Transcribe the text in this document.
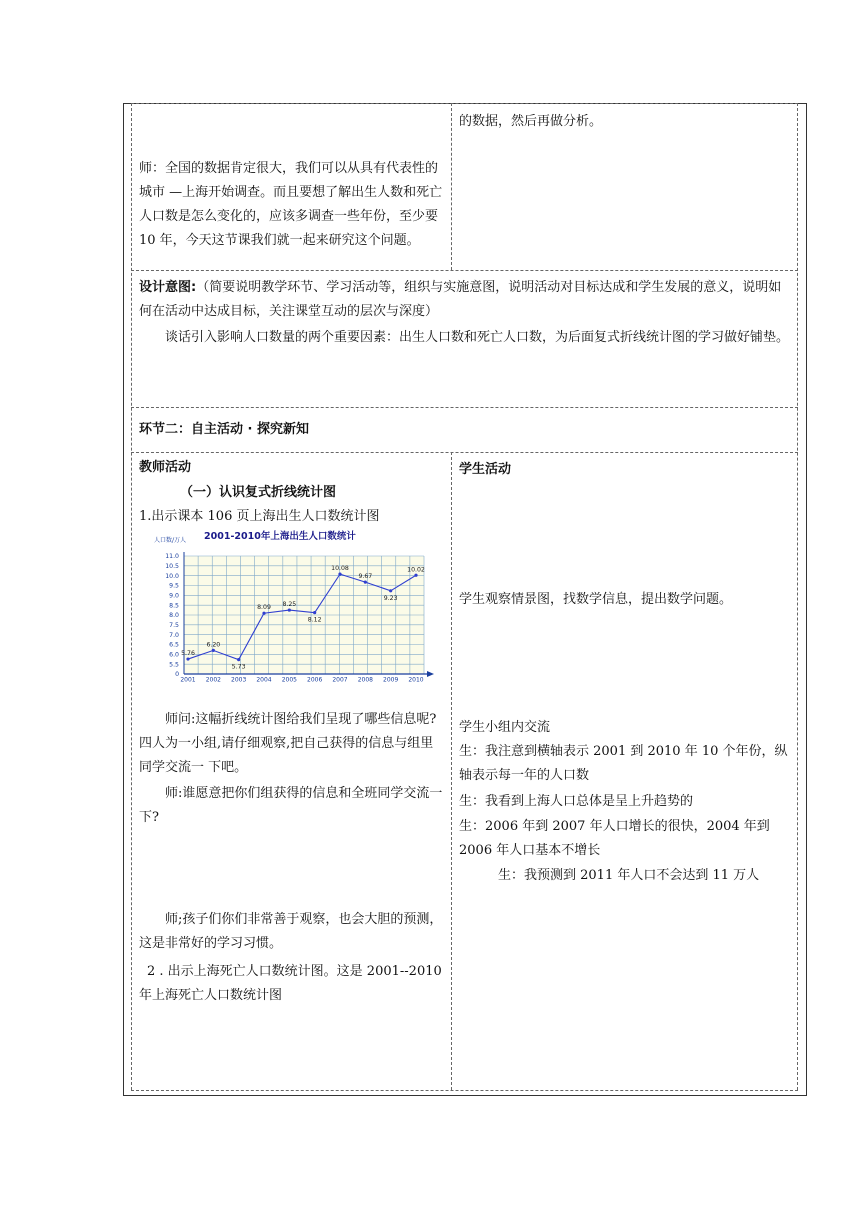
的数据，然后再做分析。
师：全国的数据肯定很大，我们可以从具有代表性的城市 —上海开始调查。而且要想了解出生人数和死亡人口数是怎么变化的，应该多调查一些年份，至少要 10 年，今天这节课我们就一起来研究这个问题。
设计意图:（简要说明教学环节、学习活动等，组织与实施意图，说明活动对目标达成和学生发展的意义，说明如何在活动中达成目标，关注课堂互动的层次与深度）
谈话引入影响人口数量的两个重要因素：出生人口数和死亡人口数，为后面复式折线统计图的学习做好铺垫。
环节二：自主活动 · 探究新知
教师活动
（一）认识复式折线统计图
1.出示课本 106 页上海出生人口数统计图
人口数/万人 2001-2010年上海出生人口数统计
11.0
10.5
10.0
9.5
9.0
8.5
8.0
7.5
7.0
6.5
6.0
5.5
0
2001 2002 2003 2004 2005 2006 2007 2008 2009 2010
5.76
6.20
5.73
8.09 8.25
8.12
10.08
9.67
9.23
10.02
师问:这幅折线统计图给我们呈现了哪些信息呢?四人为一小组,请仔细观察,把自己获得的信息与组里同学交流一 下吧。
师:谁愿意把你们组获得的信息和全班同学交流一下?
师;孩子们你们非常善于观察，也会大胆的预测，这是非常好的学习习惯。
2 . 出示上海死亡人口数统计图。这是 2001--2010 年上海死亡人口数统计图
学生活动
学生观察情景图，找数学信息，提出数学问题。
学生小组内交流
生：我注意到横轴表示 2001 到 2010 年 10 个年份，纵轴表示每一年的人口数
生：我看到上海人口总体是呈上升趋势的
生：2006 年到 2007 年人口增长的很快，2004 年到 2006 年人口基本不增长
生：我预测到 2011 年人口不会达到 11 万人
